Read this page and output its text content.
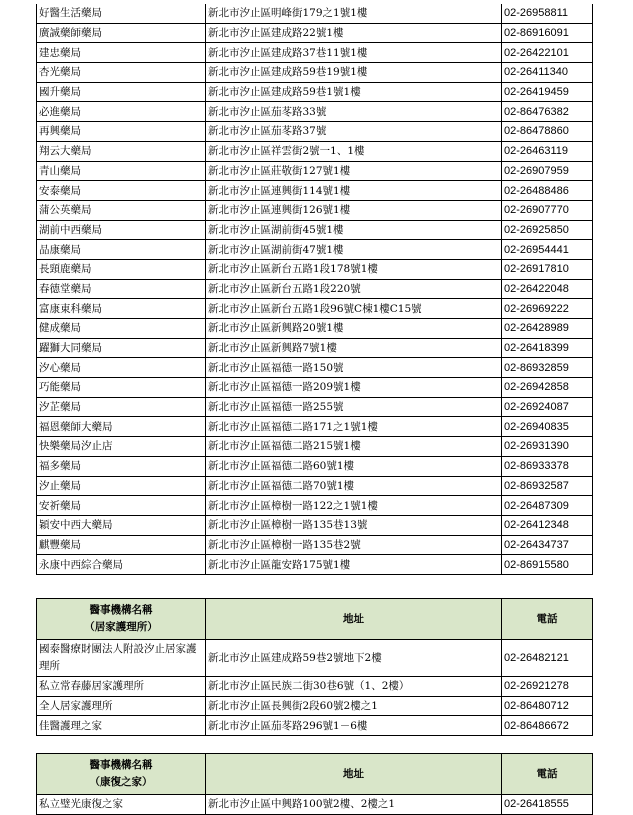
好醫生活藥局	新北市汐止區明峰街179之1號1樓	02-26958811
廣誠藥師藥局	新北市汐止區建成路22號1樓	02-86916091
建忠藥局	新北市汐止區建成路37巷11號1樓	02-26422101
杏光藥局	新北市汐止區建成路59巷19號1樓	02-26411340
國升藥局	新北市汐止區建成路59巷1號1樓	02-26419459
必進藥局	新北市汐止區茄苳路33號	02-86476382
再興藥局	新北市汐止區茄苳路37號	02-86478860
翔云大藥局	新北市汐止區祥雲街2號一1、1樓	02-26463119
青山藥局	新北市汐止區莊敬街127號1樓	02-26907959
安泰藥局	新北市汐止區連興街114號1樓	02-26488486
蒲公英藥局	新北市汐止區連興街126號1樓	02-26907770
湖前中西藥局	新北市汐止區湖前街45號1樓	02-26925850
品康藥局	新北市汐止區湖前街47號1樓	02-26954441
長頸鹿藥局	新北市汐止區新台五路1段178號1樓	02-26917810
春德堂藥局	新北市汐止區新台五路1段220號	02-26422048
富康東科藥局	新北市汐止區新台五路1段96號C棟1樓C15號	02-26969222
健成藥局	新北市汐止區新興路20號1樓	02-26428989
躍獅大同藥局	新北市汐止區新興路7號1樓	02-26418399
汐心藥局	新北市汐止區福德一路150號	02-86932859
巧能藥局	新北市汐止區福德一路209號1樓	02-26942858
汐芷藥局	新北市汐止區福德一路255號	02-26924087
福恩藥師大藥局	新北市汐止區福德二路171之1號1樓	02-26940835
快樂藥局汐止店	新北市汐止區福德二路215號1樓	02-26931390
福多藥局	新北市汐止區福德二路60號1樓	02-86933378
汐止藥局	新北市汐止區福德二路70號1樓	02-86932587
安祈藥局	新北市汐止區樟樹一路122之1號1樓	02-26487309
穎安中西大藥局	新北市汐止區樟樹一路135巷13號	02-26412348
麒豐藥局	新北市汐止區樟樹一路135巷2號	02-26434737
永康中西綜合藥局	新北市汐止區龍安路175號1樓	02-86915580
醫事機構名稱
（居家護理所）	地址	電話
國泰醫療財團法人附設汐止居家護理所	新北市汐止區建成路59巷2號地下2樓	02-26482121
私立常春藤居家護理所	新北市汐止區民族二街30巷6號（1、2樓）	02-26921278
全人居家護理所	新北市汐止區長興街2段60號2樓之1	02-86480712
佳醫護理之家	新北市汐止區茄苳路296號1－6樓	02-86486672
醫事機構名稱
（康復之家）	地址	電話
私立璧光康復之家	新北市汐止區中興路100號2樓、2樓之1	02-26418555
